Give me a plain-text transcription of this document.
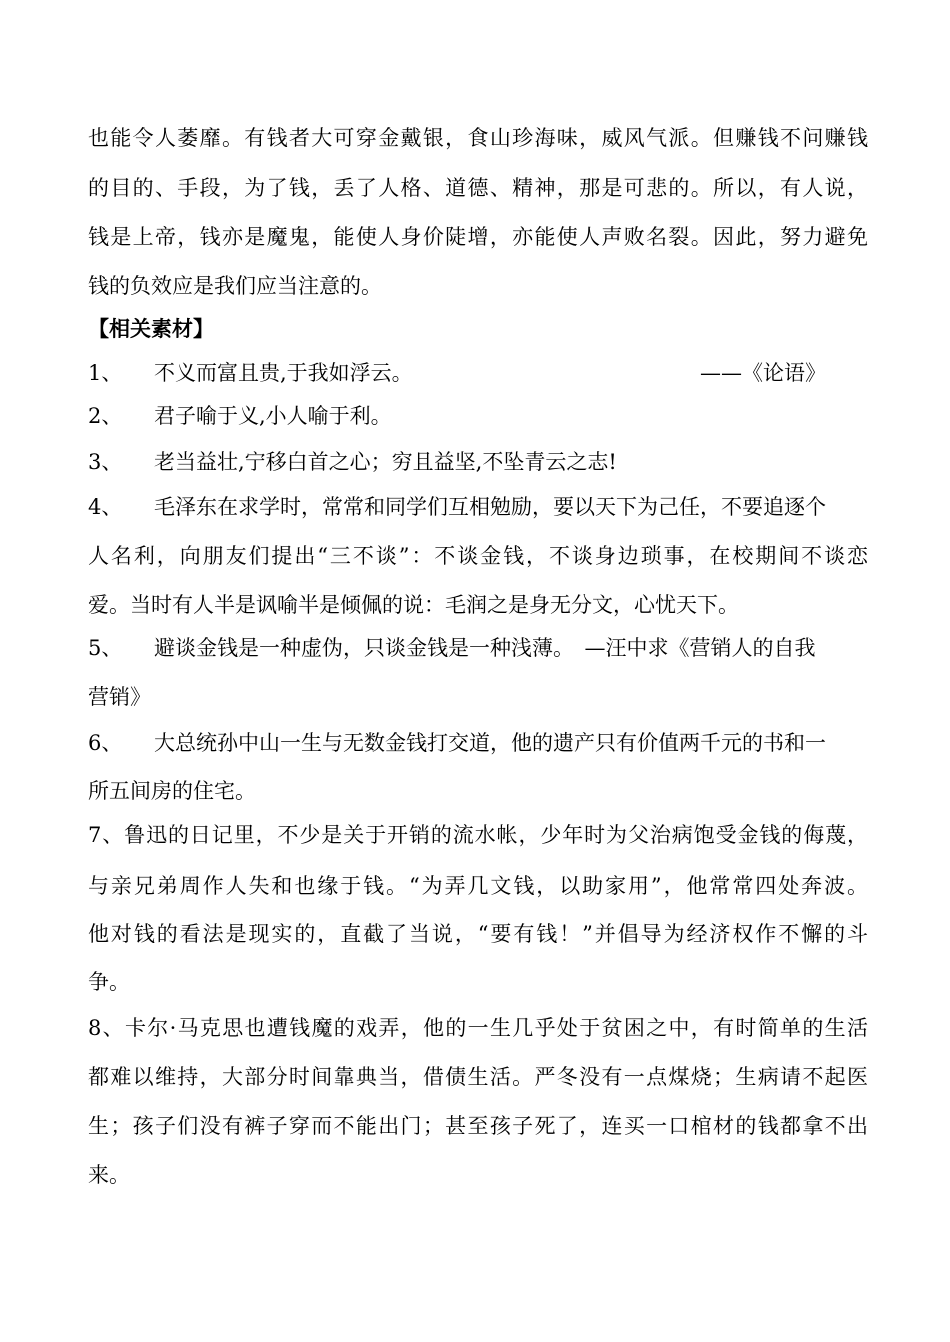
也能令人萎靡。有钱者大可穿金戴银，食山珍海味，威风气派。但赚钱不问赚钱
的目的、手段，为了钱，丢了人格、道德、精神，那是可悲的。所以，有人说，
钱是上帝，钱亦是魔鬼，能使人身价陡增，亦能使人声败名裂。因此，努力避免
钱的负效应是我们应当注意的。
【相关素材】
1、 不义而富且贵,于我如浮云。	——《论语》
2、 君子喻于义,小人喻于利。
3、 老当益壮,宁移白首之心；穷且益坚,不坠青云之志!
4、 毛泽东在求学时，常常和同学们互相勉励，要以天下为己任，不要追逐个
人名利，向朋友们提出“三不谈”：不谈金钱，不谈身边琐事，在校期间不谈恋
爱。当时有人半是讽喻半是倾佩的说：毛润之是身无分文，心忧天下。
5、 避谈金钱是一种虚伪，只谈金钱是一种浅薄。　—汪中求《营销人的自我
营销》
6、 大总统孙中山一生与无数金钱打交道，他的遗产只有价值两千元的书和一
所五间房的住宅。
7、鲁迅的日记里，不少是关于开销的流水帐，少年时为父治病饱受金钱的侮蔑，
与亲兄弟周作人失和也缘于钱。“为弄几文钱，以助家用”，他常常四处奔波。
他对钱的看法是现实的，直截了当说，“要有钱！”并倡导为经济权作不懈的斗
争。
8、卡尔·马克思也遭钱魔的戏弄，他的一生几乎处于贫困之中，有时简单的生活
都难以维持，大部分时间靠典当，借债生活。严冬没有一点煤烧；生病请不起医
生；孩子们没有裤子穿而不能出门；甚至孩子死了，连买一口棺材的钱都拿不出
来。
